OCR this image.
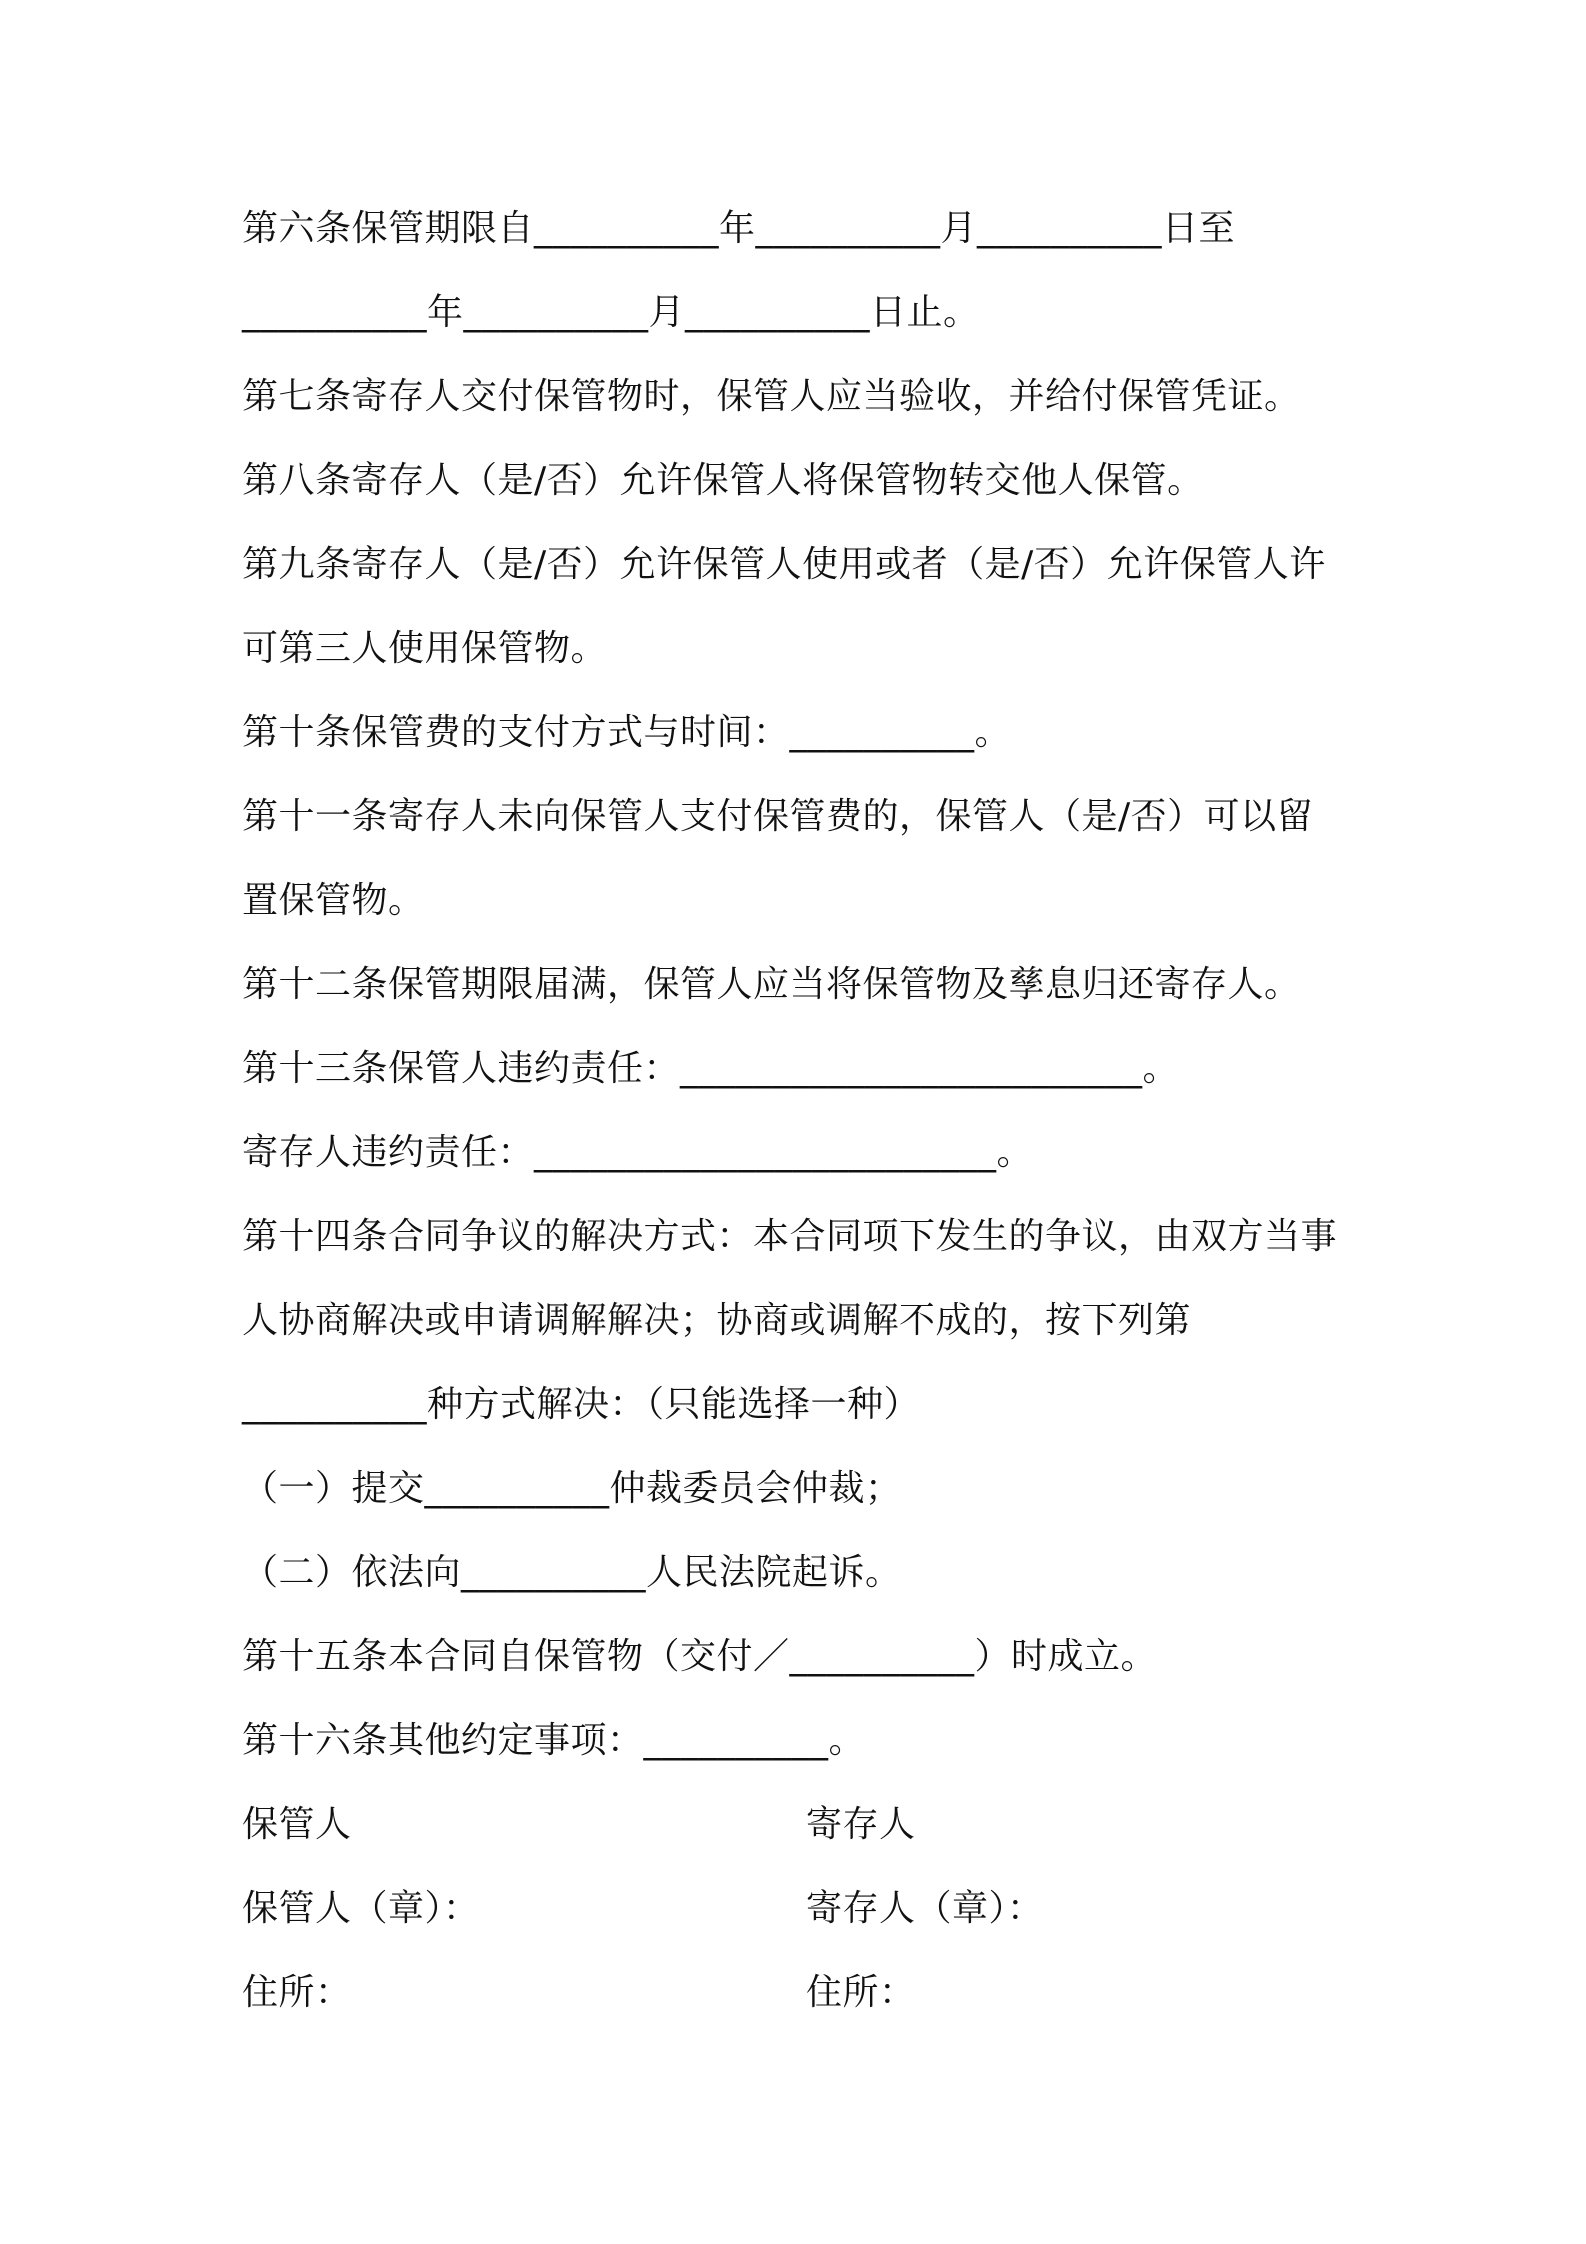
第六条保管期限自__________年__________月__________日至
__________年__________月__________日止。
第七条寄存人交付保管物时，保管人应当验收，并给付保管凭证。
第八条寄存人（是/否）允许保管人将保管物转交他人保管。
第九条寄存人（是/否）允许保管人使用或者（是/否）允许保管人许
可第三人使用保管物。
第十条保管费的支付方式与时间：__________。
第十一条寄存人未向保管人支付保管费的，保管人（是/否）可以留
置保管物。
第十二条保管期限届满，保管人应当将保管物及孳息归还寄存人。
第十三条保管人违约责任：_________________________。
寄存人违约责任：_________________________。
第十四条合同争议的解决方式：本合同项下发生的争议，由双方当事
人协商解决或申请调解解决；协商或调解不成的，按下列第
__________种方式解决：（只能选择一种）
（一）提交__________仲裁委员会仲裁；
（二）依法向__________人民法院起诉。
第十五条本合同自保管物（交付／__________）时成立。
第十六条其他约定事项：__________。
保管人	寄存人
保管人（章）：	寄存人（章）：
住所：	住所：
